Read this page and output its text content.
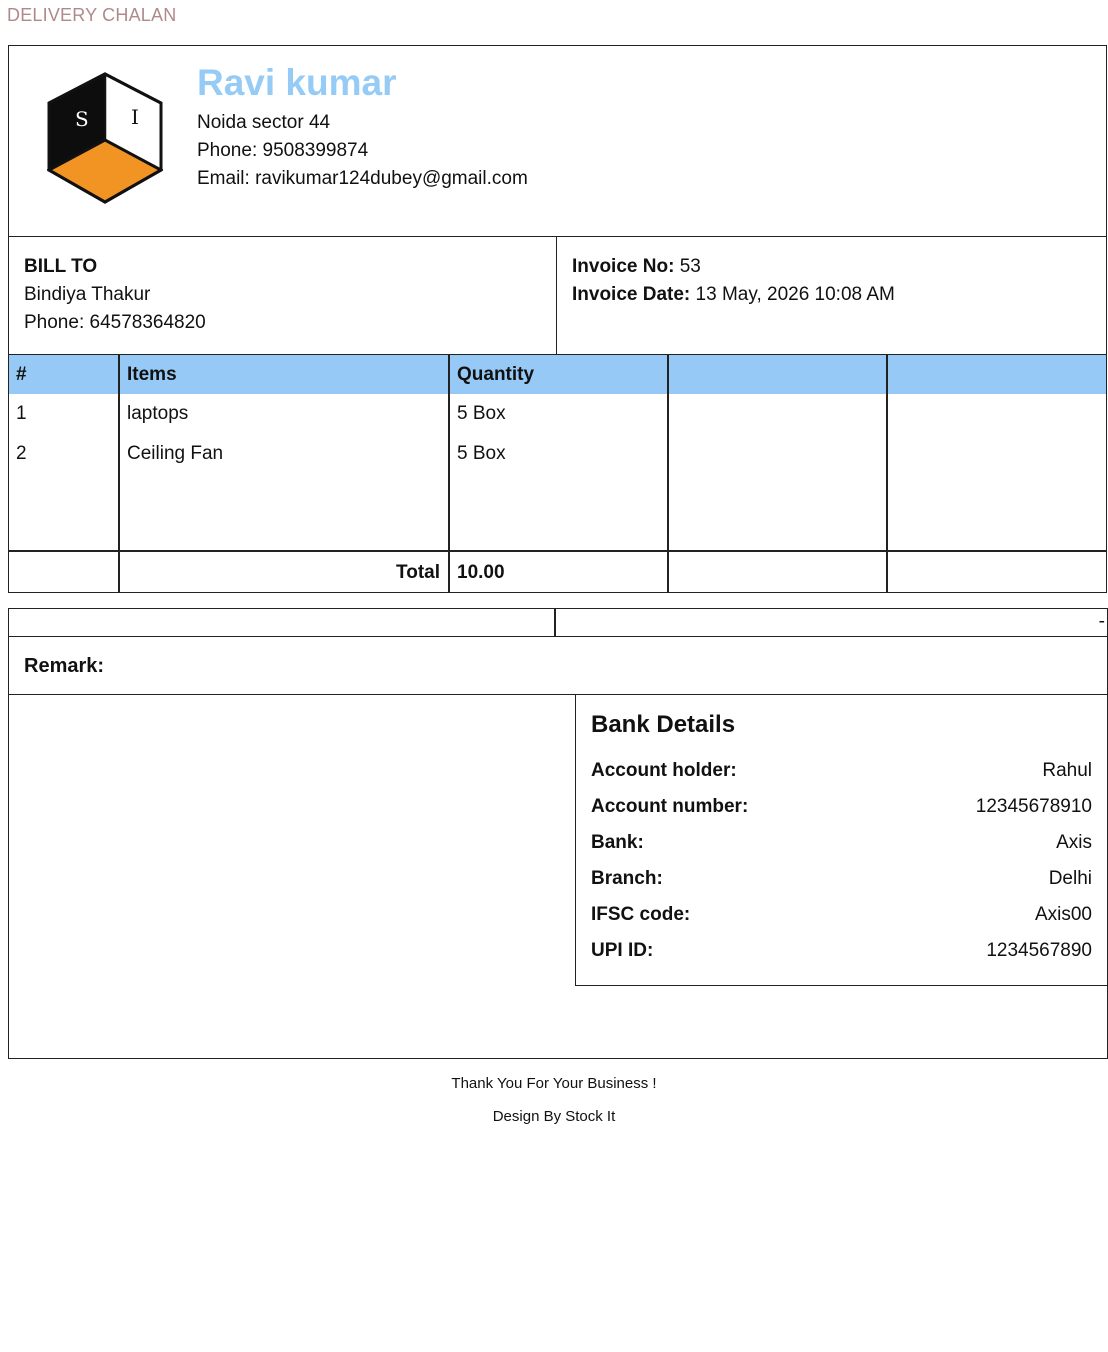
DELIVERY CHALAN
S I
Ravi kumar
Noida sector 44
Phone: 9508399874
Email: ravikumar124dubey@gmail.com
BILL TO
Bindiya Thakur
Phone: 64578364820
Invoice No: 53
Invoice Date: 13 May, 2026 10:08 AM
#	Items	Quantity
1	laptops	5 Box
2	Ceiling Fan	5 Box
Total 10.00
-
Remark:
Bank Details
Account holder:	Rahul
Account number:	12345678910
Bank:	Axis
Branch:	Delhi
IFSC code:	Axis00
UPI ID:	1234567890
Thank You For Your Business !
Design By Stock It
